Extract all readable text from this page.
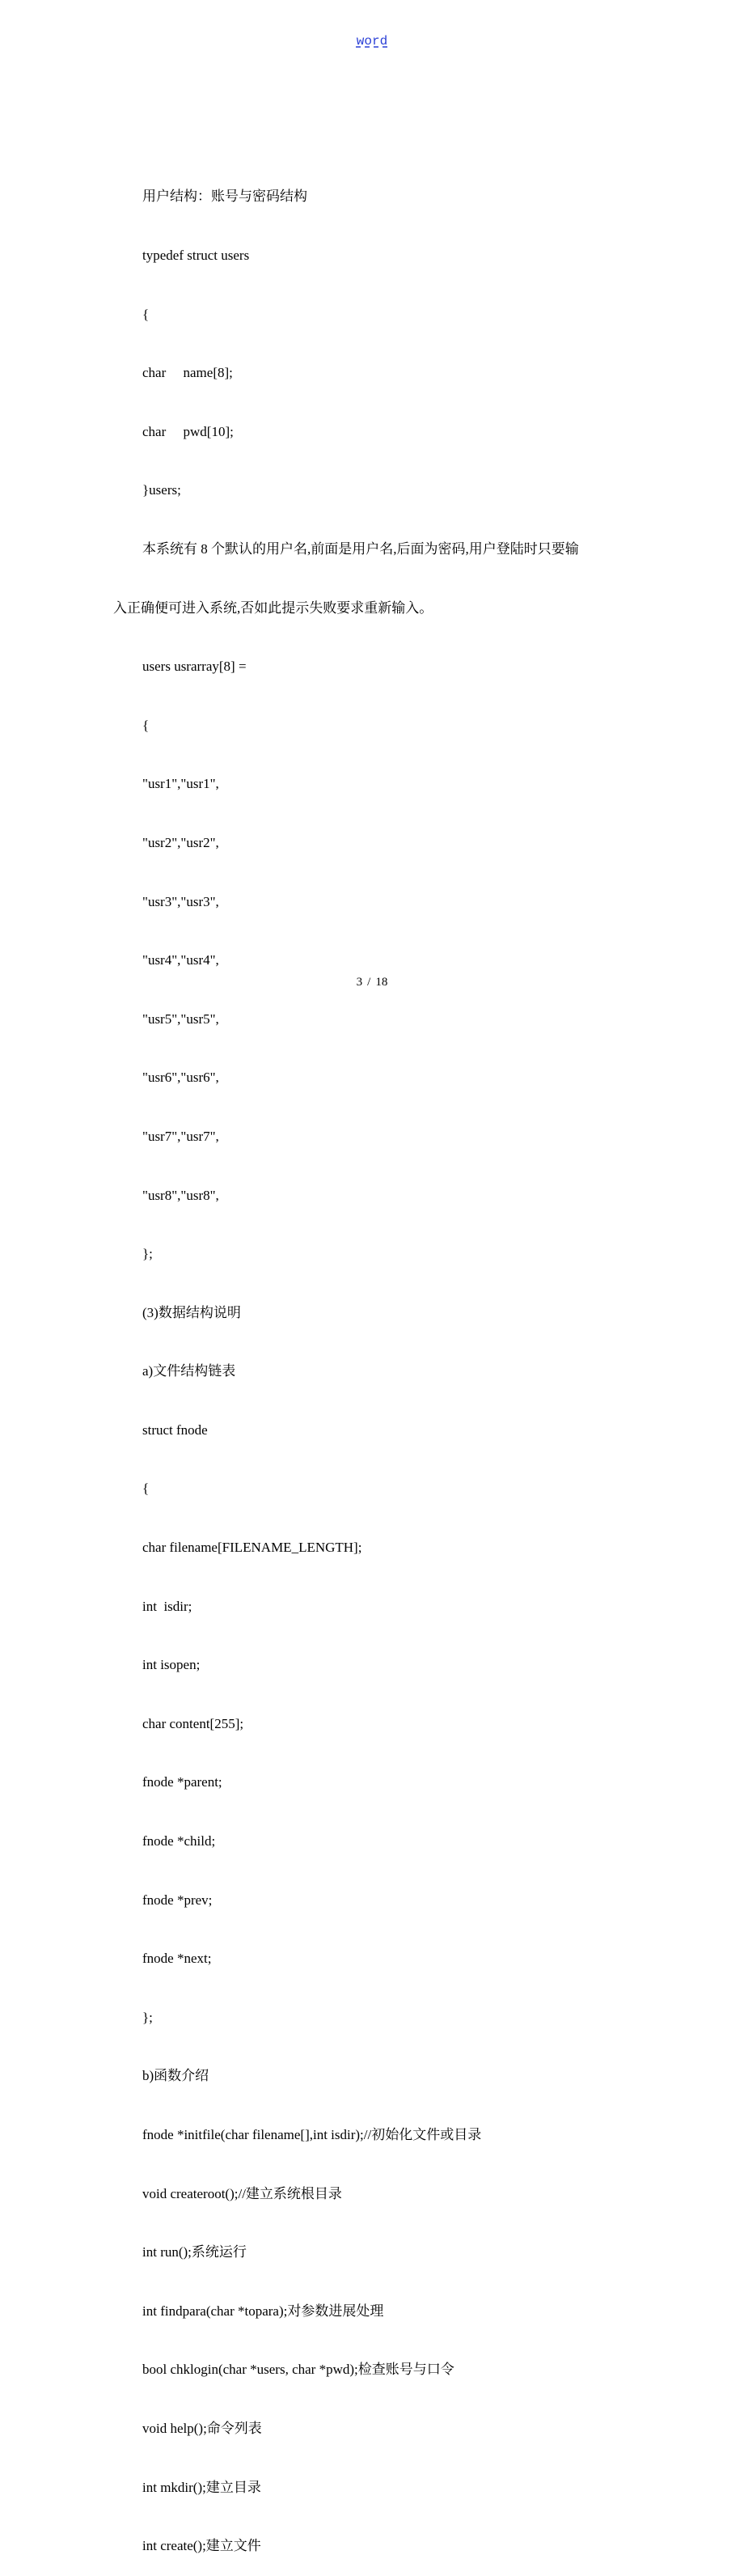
word

用户结构：账号与密码结构

typedef struct users

{

char     name[8];

char     pwd[10];

}users;

本系统有 8 个默认的用户名,前面是用户名,后面为密码,用户登陆时只要输

入正确便可进入系统,否如此提示失败要求重新输入。

users usrarray[8] =

{

"usr1","usr1",

"usr2","usr2",

"usr3","usr3",

"usr4","usr4",

"usr5","usr5",

"usr6","usr6",

"usr7","usr7",

"usr8","usr8",

};

(3)数据结构说明

a)文件结构链表

struct fnode

{

char filename[FILENAME_LENGTH];

int  isdir;

int isopen;

char content[255];

fnode *parent;

fnode *child;

fnode *prev;

fnode *next;

};

b)函数介绍

fnode *initfile(char filename[],int isdir);//初始化文件或目录

void createroot();//建立系统根目录

int run();系统运行

int findpara(char *topara);对参数进展处理

bool chklogin(char *users, char *pwd);检查账号与口令

void help();命令列表

int mkdir();建立目录

int create();建立文件

3 / 18
